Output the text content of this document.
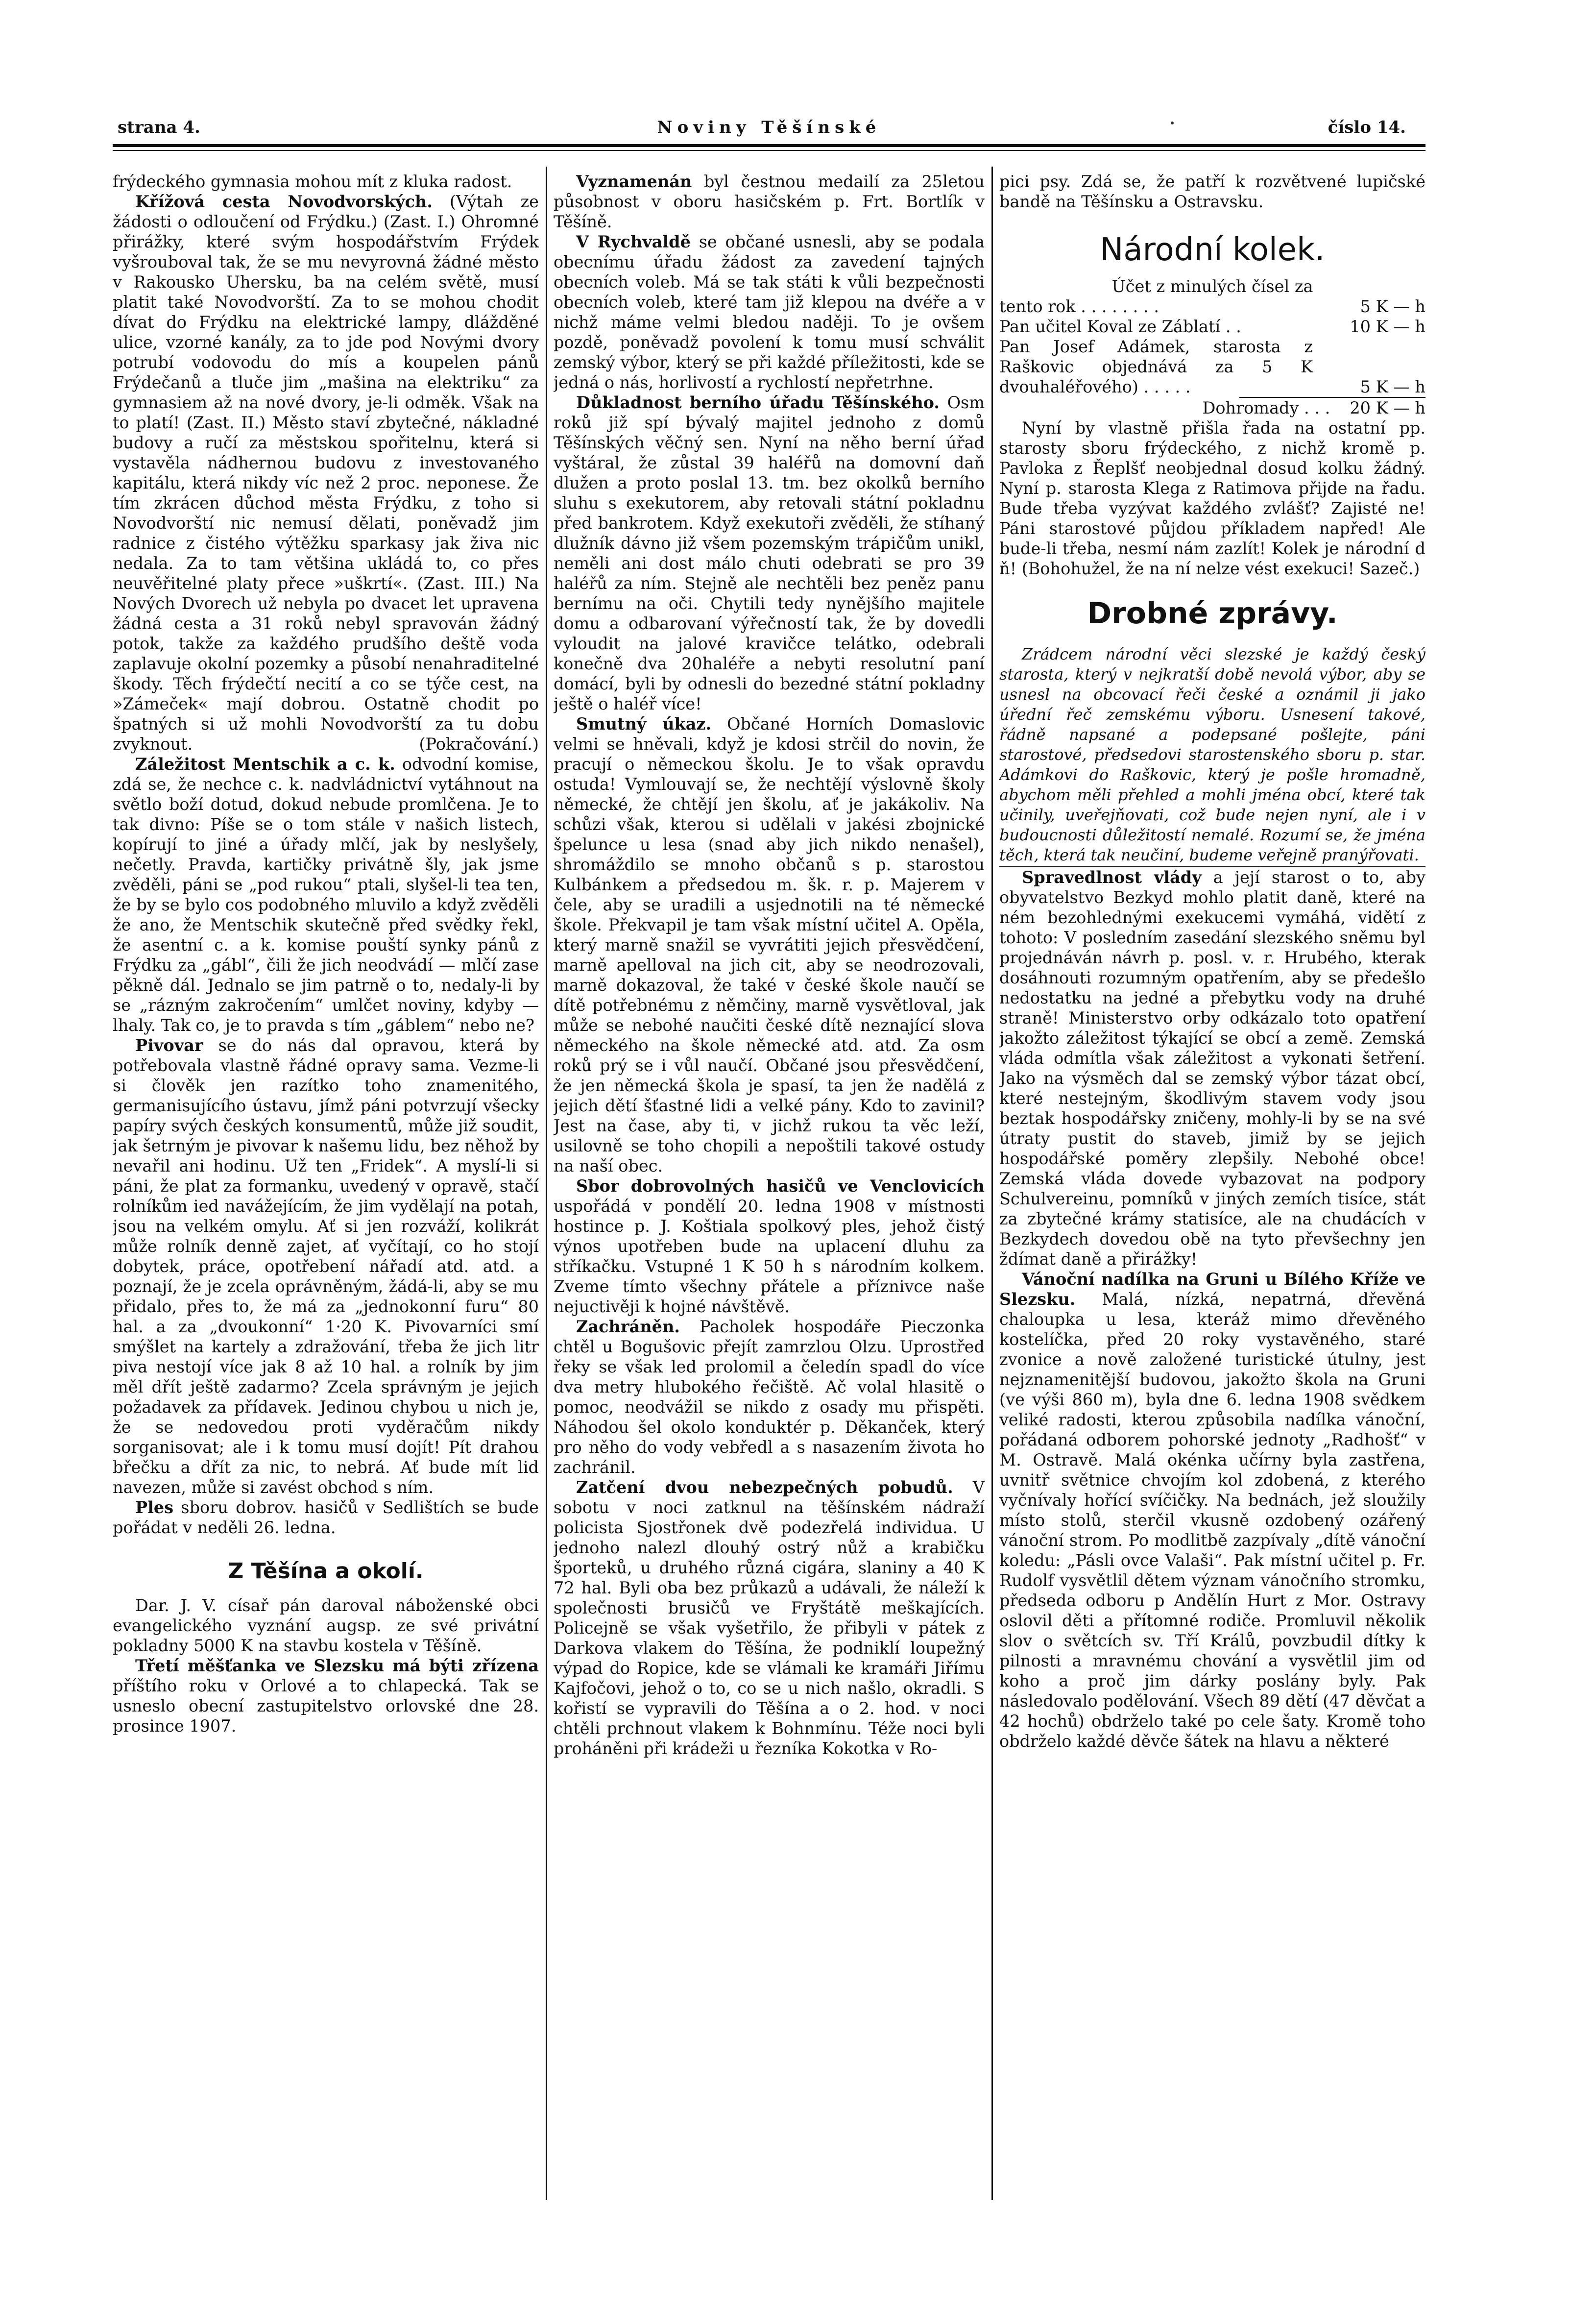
Noviny Těšínské
strana 4.	číslo 14.

frýdeckého gymnasia mohou mít z kluka radost.

Křížová cesta Novodvorských. (Výtah ze žádosti o odloučení od Frýdku.) (Zast. I.) Ohromné přirážky, které svým hospodářstvím Frýdek vyšrouboval tak, že se mu nevyrovná žádné město v Rakousko Uhersku, ba na celém světě, musí platit také Novodvorští. Za to se mohou chodit dívat do Frýdku na elektrické lampy, dlážděné ulice, vzorné kanály, za to jde pod Novými dvory potrubí vodovodu do mís a koupelen pánů Frýdečanů a tluče jim „mašina na elektriku“ za gymnasiem až na nové dvory, je-li odměk. Však na to platí! (Zast. II.) Město staví zbytečné, nákladné budovy a ručí za městskou spořitelnu, která si vystavěla nádhernou budovu z investovaného kapitálu, která nikdy víc než 2 proc. neponese. Že tím zkrácen důchod města Frýdku, z toho si Novodvorští nic nemusí dělati, poněvadž jim radnice z čistého výtěžku sparkasy jak živa nic nedala. Za to tam většina ukládá to, co přes neuvěřitelné platy přece »uškrtí«. (Zast. III.) Na Nových Dvorech už nebyla po dvacet let upravena žádná cesta a 31 roků nebyl spravován žádný potok, takže za každého prudšího deště voda zaplavuje okolní pozemky a působí nenahraditelné škody. Těch frýdečtí necití a co se týče cest, na »Zámeček« mají dobrou. Ostatně chodit po špatných si už mohli Novodvorští za tu dobu zvyknout.	(Pokračování.)

Záležitost Mentschik a c. k. odvodní komise, zdá se, že nechce c. k. nadvládnictví vytáhnout na světlo boží dotud, dokud nebude promlčena. Je to tak divno: Píše se o tom stále v našich listech, kopírují to jiné a úřady mlčí, jak by neslyšely, nečetly. Pravda, kartičky privátně šly, jak jsme zvěděli, páni se „pod rukou“ ptali, slyšel-li tea ten, že by se bylo cos podobného mluvilo a když zvěděli že ano, že Mentschik skutečně před svědky řekl, že asentní c. a k. komise pouští synky pánů z Frýdku za „gábl“, čili že jich neodvádí — mlčí zase pěkně dál. Jednalo se jim patrně o to, nedaly-li by se „rázným zakročením“ umlčet noviny, kdyby — lhaly. Tak co, je to pravda s tím „gáblem“ nebo ne?

Pivovar se do nás dal opravou, která by potřebovala vlastně řádné opravy sama. Vezme-li si člověk jen razítko toho znamenitého, germanisujícího ústavu, jímž páni potvrzují všecky papíry svých českých konsumentů, může již soudit, jak šetrným je pivovar k našemu lidu, bez něhož by nevařil ani hodinu. Už ten „Fridek“. A myslí-li si páni, že plat za formanku, uvedený v opravě, stačí rolníkům ied navážejícím, že jim vydělají na potah, jsou na velkém omylu. Ať si jen rozváží, kolikrát může rolník denně zajet, ať vyčítají, co ho stojí dobytek, práce, opotřebení nářadí atd. atd. a poznají, že je zcela oprávněným, žádá-li, aby se mu přidalo, přes to, že má za „jednokonní furu“ 80 hal. a za „dvoukonní“ 1·20 K. Pivovarníci smí smýšlet na kartely a zdražování, třeba že jich litr piva nestojí více jak 8 až 10 hal. a rolník by jim měl dřít ještě zadarmo? Zcela správným je jejich požadavek za přídavek. Jedinou chybou u nich je, že se nedovedou proti vyděračům nikdy sorganisovat; ale i k tomu musí dojít! Pít drahou břečku a dřít za nic, to nebrá. Ať bude mít lid navezen, může si zavést obchod s ním.

Ples sboru dobrov. hasičů v Sedlištích se bude pořádat v neděli 26. ledna.

Z Těšína a okolí.

Dar. J. V. císař pán daroval náboženské obci evangelického vyznání augsp. ze své privátní pokladny 5000 K na stavbu kostela v Těšíně.

Třetí měšťanka ve Slezsku má býti zřízena příštího roku v Orlové a to chlapecká. Tak se usneslo obecní zastupitelstvo orlovské dne 28. prosince 1907.

Vyznamenán byl čestnou medailí za 25letou působnost v oboru hasičském p. Frt. Bortlík v Těšíně.

V Rychvaldě se občané usnesli, aby se podala obecnímu úřadu žádost za zavedení tajných obecních voleb. Má se tak státi k vůli bezpečnosti obecních voleb, které tam již klepou na dvéře a v nichž máme velmi bledou naději. To je ovšem pozdě, poněvadž povolení k tomu musí schválit zemský výbor, který se při každé příležitosti, kde se jedná o nás, horlivostí a rychlostí nepřetrhne.

Důkladnost berního úřadu Těšínského. Osm roků již spí bývalý majitel jednoho z domů Těšínských věčný sen. Nyní na něho berní úřad vyštáral, že zůstal 39 haléřů na domovní daň dlužen a proto poslal 13. tm. bez okolků berního sluhu s exekutorem, aby retovali státní pokladnu před bankrotem. Když exekutoři zvěděli, že stíhaný dlužník dávno již všem pozemským trápičům unikl, neměli ani dost málo chuti odebrati se pro 39 haléřů za ním. Stejně ale nechtěli bez peněz panu bernímu na oči. Chytili tedy nynějšího majitele domu a odbarovaní výřečností tak, že by dovedli vyloudit na jalové kravičce telátko, odebrali konečně dva 20haléře a nebyti resolutní paní domácí, byli by odnesli do bezedné státní pokladny ještě o haléř více!

Smutný úkaz. Občané Horních Domaslovic velmi se hněvali, když je kdosi strčil do novin, že pracují o německou školu. Je to však opravdu ostuda! Vymlouvají se, že nechtějí výslovně školy německé, že chtějí jen školu, ať je jakákoliv. Na schůzi však, kterou si udělali v jakési zbojnické špelunce u lesa (snad aby jich nikdo nenašel), shromáždilo se mnoho občanů s p. starostou Kulbánkem a předsedou m. šk. r. p. Majerem v čele, aby se uradili a usjednotili na té německé škole. Překvapil je tam však místní učitel A. Opěla, který marně snažil se vyvrátiti jejich přesvědčení, marně apelloval na jich cit, aby se neodrozovali, marně dokazoval, že také v české škole naučí se dítě potřebnému z němčiny, marně vysvětloval, jak může se nebohé naučiti české dítě neznající slova německého na škole německé atd. atd. Za osm roků prý se i vůl naučí. Občané jsou přesvědčení, že jen německá škola je spasí, ta jen že nadělá z jejich dětí šťastné lidi a velké pány. Kdo to zavinil? Jest na čase, aby ti, v jichž rukou ta věc leží, usilovně se toho chopili a nepoštili takové ostudy na naší obec.

Sbor dobrovolných hasičů ve Venclovicích uspořádá v pondělí 20. ledna 1908 v místnosti hostince p. J. Koštiala spolkový ples, jehož čistý výnos upotřeben bude na uplacení dluhu za stříkačku. Vstupné 1 K 50 h s národním kolkem. Zveme tímto všechny přátele a příznivce naše nejuctivěji k hojné návštěvě.

Zachráněn. Pacholek hospodáře Pieczonka chtěl u Bogušovic přejít zamrzlou Olzu. Uprostřed řeky se však led prolomil a čeledín spadl do více dva metry hlubokého řečiště. Ač volal hlasitě o pomoc, neodvážil se nikdo z osady mu přispěti. Náhodou šel okolo konduktér p. Děkanček, který pro něho do vody vebředl a s nasazením života ho zachránil.

Zatčení dvou nebezpečných pobudů. V sobotu v noci zatknul na těšínském nádraží policista Sjostřonek dvě podezřelá individua. U jednoho nalezl dlouhý ostrý nůž a krabičku športeků, u druhého různá cigára, slaniny a 40 K 72 hal. Byli oba bez průkazů a udávali, že náleží k společnosti brusičů ve Fryštátě meškajících. Policejně se však vyšetřilo, že přibyli v pátek z Darkova vlakem do Těšína, že podniklí loupežný výpad do Ropice, kde se vlámali ke kramáři Jiřímu Kajfočovi, jehož o to, co se u nich našlo, okradli. S kořistí se vypravili do Těšína a o 2. hod. v noci chtěli prchnout vlakem k Bohnmínu. Téže noci byli proháněni při krádeži u řezníka Kokotka v Ro-

pici psy. Zdá se, že patří k rozvětvené lupičské bandě na Těšínsku a Ostravsku.

Národní kolek.
Účet z minulých čísel za
tento rok . . . . . . . .	5 K — h
Pan učitel Koval ze Záblatí . .	10 K — h
Pan Josef Adámek, starosta z Raškovic objednává za 5 K dvouhaléřového) . . . . .	5 K — h
Dohromady . . . 20 K — h

Nyní by vlastně přišla řada na ostatní pp. starosty sboru frýdeckého, z nichž kromě p. Pavloka z Řeplšť neobjednal dosud kolku žádný. Nyní p. starosta Klega z Ratimova přijde na řadu. Bude třeba vyzývat každého zvlášť? Zajisté ne! Páni starostové půjdou příkladem napřed! Ale bude-li třeba, nesmí nám zazlít! Kolek je národní d ň! (Bohohužel, že na ní nelze vést exekuci! Sazeč.)

Drobné zprávy.

Zrádcem národní věci slezské je každý český starosta, který v nejkratší době nevolá výbor, aby se usnesl na obcovací řeči české a oznámil ji jako úřední řeč zemskému výboru. Usnesení takové, řádně napsané a podepsané pošlejte, páni starostové, předsedovi starostenského sboru p. star. Adámkovi do Raškovic, který je pošle hromadně, abychom měli přehled a mohli jména obcí, které tak učinily, uveřejňovati, což bude nejen nyní, ale i v budoucnosti důležitostí nemalé. Rozumí se, že jména těch, která tak neučiní, budeme veřejně pranýřovati.

Spravedlnost vlády a její starost o to, aby obyvatelstvo Bezkyd mohlo platit daně, které na ném bezohlednými exekucemi vymáhá, vidětí z tohoto: V posledním zasedání slezského sněmu byl projednáván návrh p. posl. v. r. Hrubého, kterak dosáhnouti rozumným opatřením, aby se předešlo nedostatku na jedné a přebytku vody na druhé straně! Ministerstvo orby odkázalo toto opatření jakožto záležitost týkající se obcí a země. Zemská vláda odmítla však záležitost a vykonati šetření. Jako na výsměch dal se zemský výbor tázat obcí, které nestejným, škodlivým stavem vody jsou beztak hospodářsky zničeny, mohly-li by se na své útraty pustit do staveb, jimiž by se jejich hospodářské poměry zlepšily. Nebohé obce! Zemská vláda dovede vybazovat na podpory Schulvereinu, pomníků v jiných zemích tisíce, stát za zbytečné krámy statisíce, ale na chudácích v Bezkydech dovedou obě na tyto převšechny jen ždímat daně a přirážky!

Vánoční nadílka na Gruni u Bílého Kříže ve Slezsku. Malá, nízká, nepatrná, dřevěná chaloupka u lesa, kteráž mimo dřevěného kostelíčka, před 20 roky vystavěného, staré zvonice a nově založené turistické útulny, jest nejznamenitější budovou, jakožto škola na Gruni (ve výši 860 m), byla dne 6. ledna 1908 svědkem veliké radosti, kterou způsobila nadílka vánoční, pořádaná odborem pohorské jednoty „Radhošť“ v M. Ostravě. Malá okénka učírny byla zastřena, uvnitř světnice chvojím kol zdobená, z kterého vyčnívaly hořící svíčičky. Na bednách, jež sloužily místo stolů, sterčil vkusně ozdobený ozářený vánoční strom. Po modlitbě zazpívaly „dítě vánoční koledu: „Pásli ovce Valaši“. Pak místní učitel p. Fr. Rudolf vysvětlil dětem význam vánočního stromku, předseda odboru p Andělín Hurt z Mor. Ostravy oslovil děti a přítomné rodiče. Promluvil několik slov o světcích sv. Tří Králů, povzbudil dítky k pilnosti a mravnému chování a vysvětlil jim od koho a proč jim dárky poslány byly. Pak následovalo podělování. Všech 89 dětí (47 děvčat a 42 hochů) obdrželo také po cele šaty. Kromě toho obdrželo každé děvče šátek na hlavu a některé
